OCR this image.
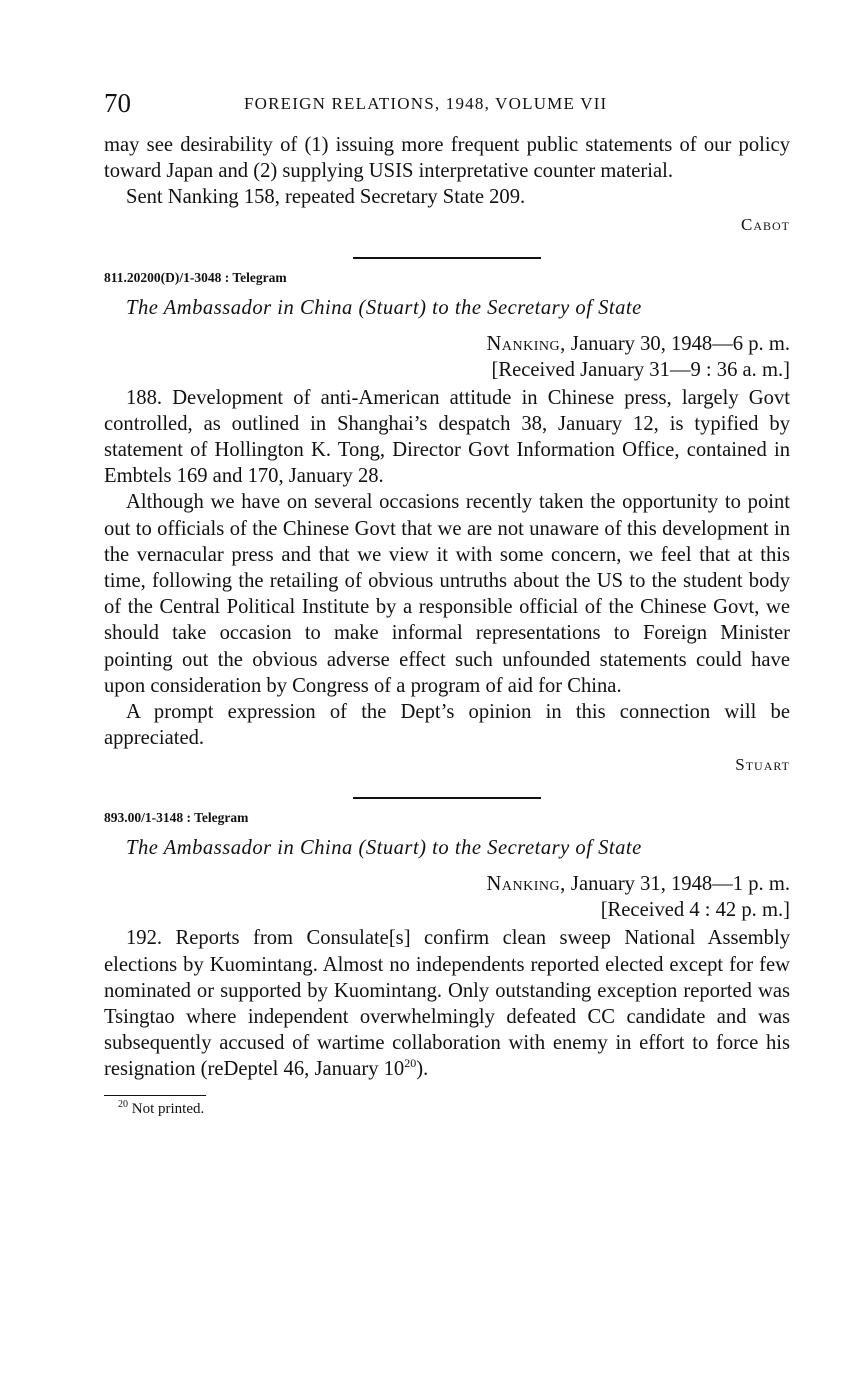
70	FOREIGN RELATIONS, 1948, VOLUME VII

may see desirability of (1) issuing more frequent public statements of our policy toward Japan and (2) supplying USIS interpretative counter material.

Sent Nanking 158, repeated Secretary State 209.

Cabot
811.20200(D)/1-3048 : Telegram
The Ambassador in China (Stuart) to the Secretary of State
Nanking, January 30, 1948—6 p. m.
[Received January 31—9 : 36 a. m.]

188. Development of anti-American attitude in Chinese press, largely Govt controlled, as outlined in Shanghai’s despatch 38, January 12, is typified by statement of Hollington K. Tong, Director Govt Information Office, contained in Embtels 169 and 170, January 28.

Although we have on several occasions recently taken the opportunity to point out to officials of the Chinese Govt that we are not unaware of this development in the vernacular press and that we view it with some concern, we feel that at this time, following the retailing of obvious untruths about the US to the student body of the Central Political Institute by a responsible official of the Chinese Govt, we should take occasion to make informal representations to Foreign Minister pointing out the obvious adverse effect such unfounded statements could have upon consideration by Congress of a program of aid for China.

A prompt expression of the Dept’s opinion in this connection will be appreciated.

Stuart
893.00/1-3148 : Telegram
The Ambassador in China (Stuart) to the Secretary of State
Nanking, January 31, 1948—1 p. m.
[Received 4 : 42 p. m.]

192. Reports from Consulate[s] confirm clean sweep National Assembly elections by Kuomintang. Almost no independents reported elected except for few nominated or supported by Kuomintang. Only outstanding exception reported was Tsingtao where independent overwhelmingly defeated CC candidate and was subsequently accused of wartime collaboration with enemy in effort to force his resignation (reDeptel 46, January $10^{20}$).

$^{20}$ Not printed.
